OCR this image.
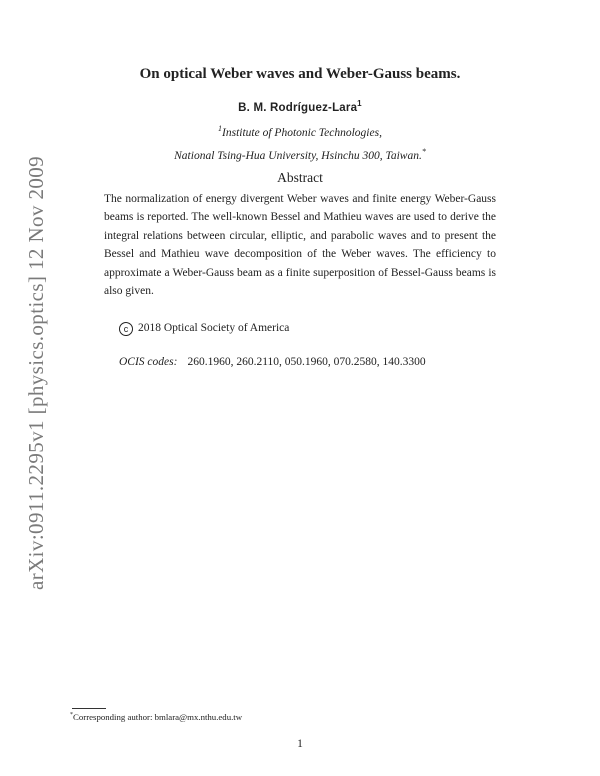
arXiv:0911.2295v1 [physics.optics] 12 Nov 2009
On optical Weber waves and Weber-Gauss beams.
B. M. Rodríguez-Lara$^1$
$^1$Institute of Photonic Technologies,
National Tsing-Hua University, Hsinchu 300, Taiwan.*
Abstract
The normalization of energy divergent Weber waves and finite energy Weber-Gauss beams is reported. The well-known Bessel and Mathieu waves are used to derive the integral relations between circular, elliptic, and parabolic waves and to present the Bessel and Mathieu wave decomposition of the Weber waves. The efficiency to approximate a Weber-Gauss beam as a finite superposition of Bessel-Gauss beams is also given.
c 2018 Optical Society of America
OCIS codes: 260.1960, 260.2110, 050.1960, 070.2580, 140.3300
*Corresponding author: bmlara@mx.nthu.edu.tw
1
